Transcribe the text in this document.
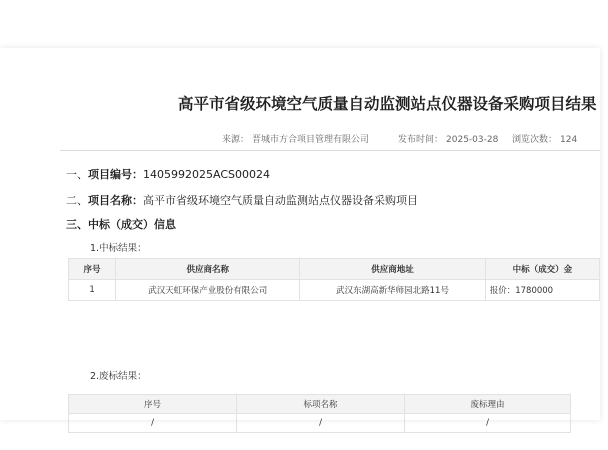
高平市省级环境空气质量自动监测站点仪器设备采购项目结果
来源： 晋城市方合项目管理有限公司	发布时间： 2025-03-28 浏览次数： 124
一、项目编号：1405992025ACS00024
二、项目名称：高平市省级环境空气质量自动监测站点仪器设备采购项目
三、中标（成交）信息
1.中标结果：
序号	供应商名称	供应商地址	中标（成交）金
1	武汉天虹环保产业股份有限公司	武汉东湖高新华师园北路11号	报价：1780000
2.废标结果：
序号	标项名称	废标理由
/	/	/
